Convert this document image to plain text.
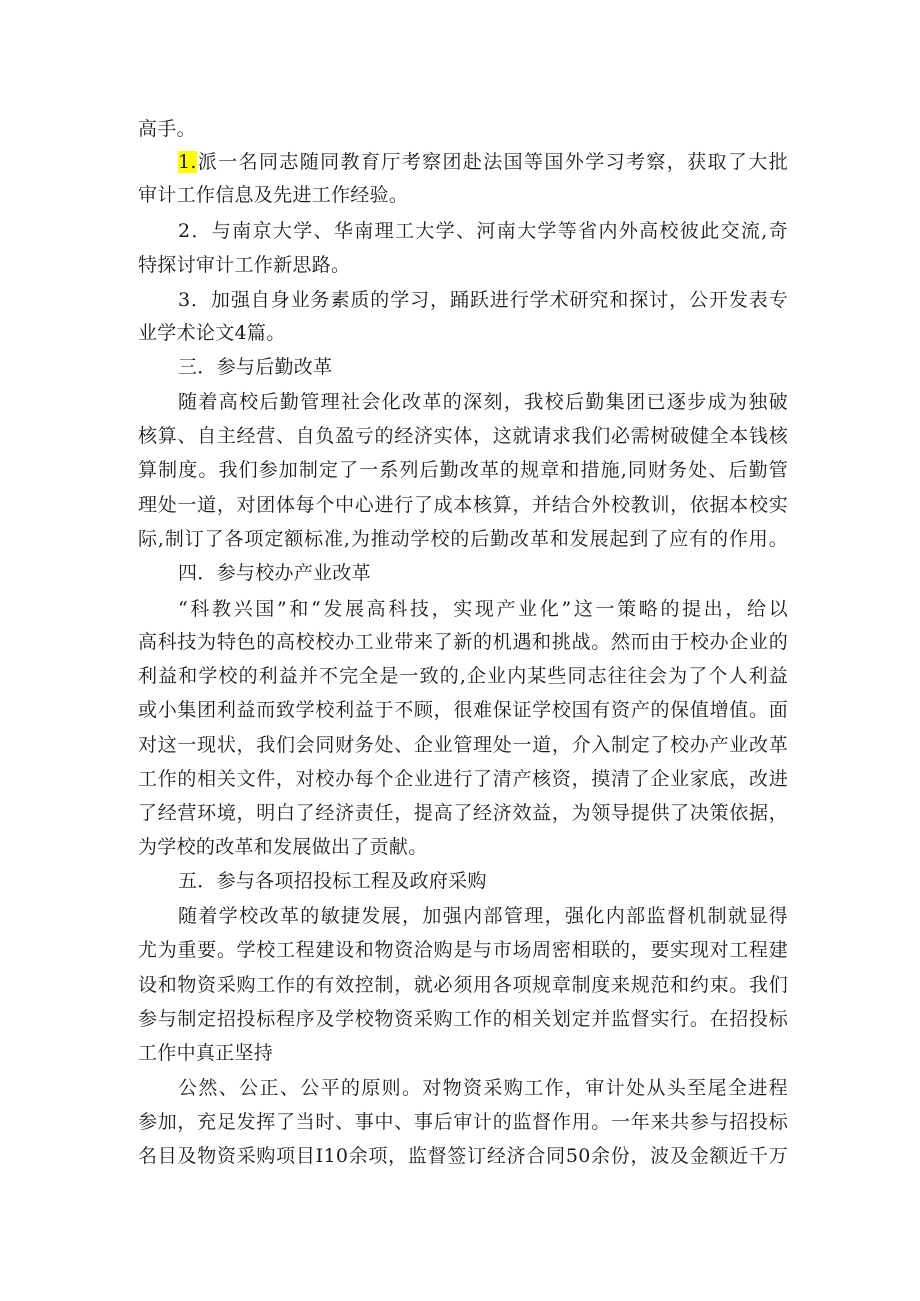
高手。
1.派一名同志随同教育厅考察团赴法国等国外学习考察，获取了大批
审计工作信息及先进工作经验。
2．与南京大学、华南理工大学、河南大学等省内外高校彼此交流,奇
特探讨审计工作新思路。
3．加强自身业务素质的学习，踊跃进行学术研究和探讨，公开发表专
业学术论文4篇。
三．参与后勤改革
随着高校后勤管理社会化改革的深刻，我校后勤集团已逐步成为独破
核算、自主经营、自负盈亏的经济实体，这就请求我们必需树破健全本钱核
算制度。我们参加制定了一系列后勤改革的规章和措施,同财务处、后勤管
理处一道，对团体每个中心进行了成本核算，并结合外校教训，依据本校实
际,制订了各项定额标准,为推动学校的后勤改革和发展起到了应有的作用。
四．参与校办产业改革
“科教兴国”和“发展高科技，实现产业化”这一策略的提出，给以
高科技为特色的高校校办工业带来了新的机遇和挑战。然而由于校办企业的
利益和学校的利益并不完全是一致的,企业内某些同志往往会为了个人利益
或小集团利益而致学校利益于不顾，很难保证学校国有资产的保值增值。面
对这一现状，我们会同财务处、企业管理处一道，介入制定了校办产业改革
工作的相关文件，对校办每个企业进行了清产核资，摸清了企业家底，改进
了经营环境，明白了经济责任，提高了经济效益，为领导提供了决策依据，
为学校的改革和发展做出了贡献。
五．参与各项招投标工程及政府采购
随着学校改革的敏捷发展，加强内部管理，强化内部监督机制就显得
尤为重要。学校工程建设和物资洽购是与市场周密相联的，要实现对工程建
设和物资采购工作的有效控制，就必须用各项规章制度来规范和约束。我们
参与制定招投标程序及学校物资采购工作的相关划定并监督实行。在招投标
工作中真正坚持
公然、公正、公平的原则。对物资采购工作，审计处从头至尾全进程
参加，充足发挥了当时、事中、事后审计的监督作用。一年来共参与招投标
名目及物资采购项目I10余项，监督签订经济合同50余份，波及金额近千万
